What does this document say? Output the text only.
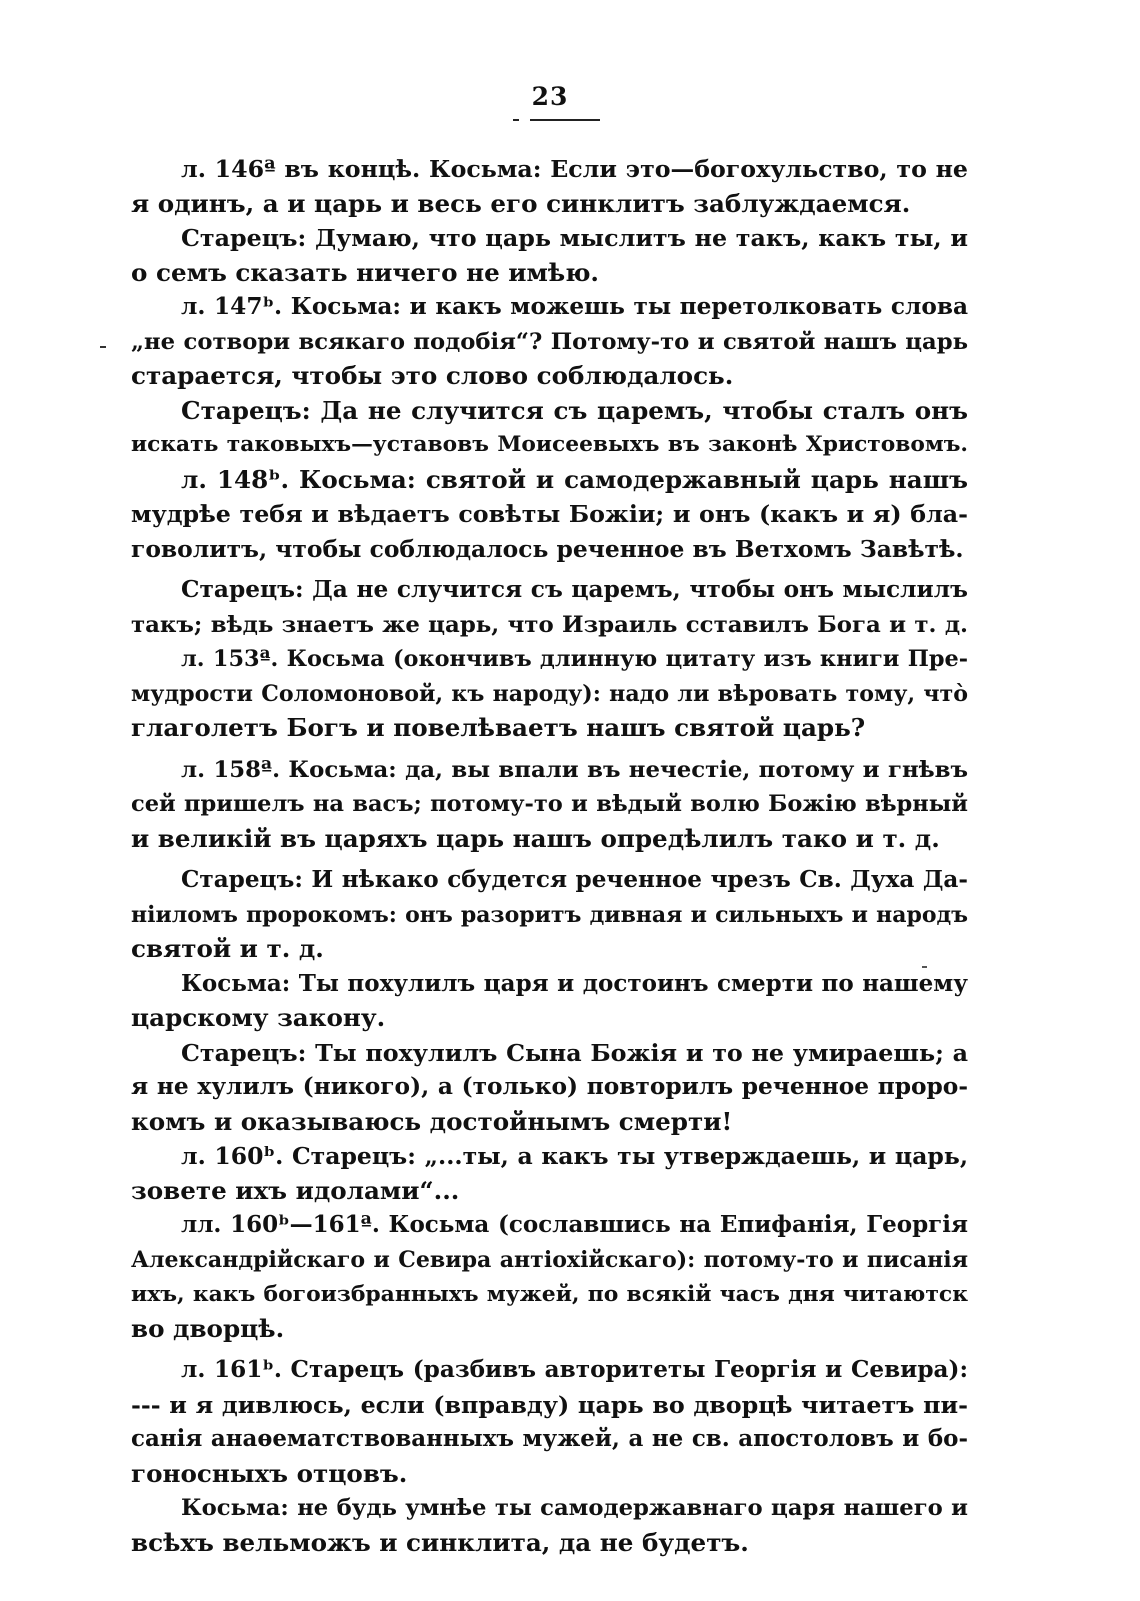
23
л. 146ª въ концѣ. Косьма: Если это—богохульство, то не
я одинъ, а и царь и весь его синклитъ заблуждаемся.
Старецъ: Думаю, что царь мыслитъ не такъ, какъ ты, и
о семъ сказать ничего не имѣю.
л. 147ᵇ. Косьма: и какъ можешь ты перетолковать слова
„не сотвори всякаго подобія“? Потому-то и святой нашъ царь
старается, чтобы это слово соблюдалось.
Старецъ: Да не случится съ царемъ, чтобы сталъ онъ
искать таковыхъ—уставовъ Моисеевыхъ въ законѣ Христовомъ.
л. 148ᵇ. Косьма: святой и самодержавный царь нашъ
мудрѣе тебя и вѣдаетъ совѣты Божіи; и онъ (какъ и я) бла-
говолитъ, чтобы соблюдалось реченное въ Ветхомъ Завѣтѣ.
Старецъ: Да не случится съ царемъ, чтобы онъ мыслилъ
такъ; вѣдь знаетъ же царь, что Израиль сставилъ Бога и т. д.
л. 153ª. Косьма (окончивъ длинную цитату изъ книги Пре-
мудрости Соломоновой, къ народу): надо ли вѣровать тому, чтò
глаголетъ Богъ и повелѣваетъ нашъ святой царь?
л. 158ª. Косьма: да, вы впали въ нечестіе, потому и гнѣвъ
сей пришелъ на васъ; потому-то и вѣдый волю Божію вѣрный
и великій въ царяхъ царь нашъ опредѣлилъ тако и т. д.
Старецъ: И нѣкако сбудется реченное чрезъ Св. Духа Да-
ніиломъ пророкомъ: онъ разоритъ дивная и сильныхъ и народъ
святой и т. д.
Косьма: Ты похулилъ царя и достоинъ смерти по нашему
царскому закону.
Старецъ: Ты похулилъ Сына Божія и то не умираешь; а
я не хулилъ (никого), а (только) повторилъ реченное проро-
комъ и оказываюсь достойнымъ смерти!
л. 160ᵇ. Старецъ: „...ты, а какъ ты утверждаешь, и царь,
зовете ихъ идолами“...
лл. 160ᵇ—161ª. Косьма (сославшись на Епифанія, Георгія
Александрійскаго и Севира антіохійскаго): потому-то и писанія
ихъ, какъ богоизбранныхъ мужей, по всякій часъ дня читаютск
во дворцѣ.
л. 161ᵇ. Старецъ (разбивъ авторитеты Георгія и Севира):
--- и я дивлюсь, если (вправду) царь во дворцѣ читаетъ пи-
санія анаѳематствованныхъ мужей, а не св. апостоловъ и бо-
гоносныхъ отцовъ.
Косьма: не будь умнѣе ты самодержавнаго царя нашего и
всѣхъ вельможъ и синклита, да не будетъ.
